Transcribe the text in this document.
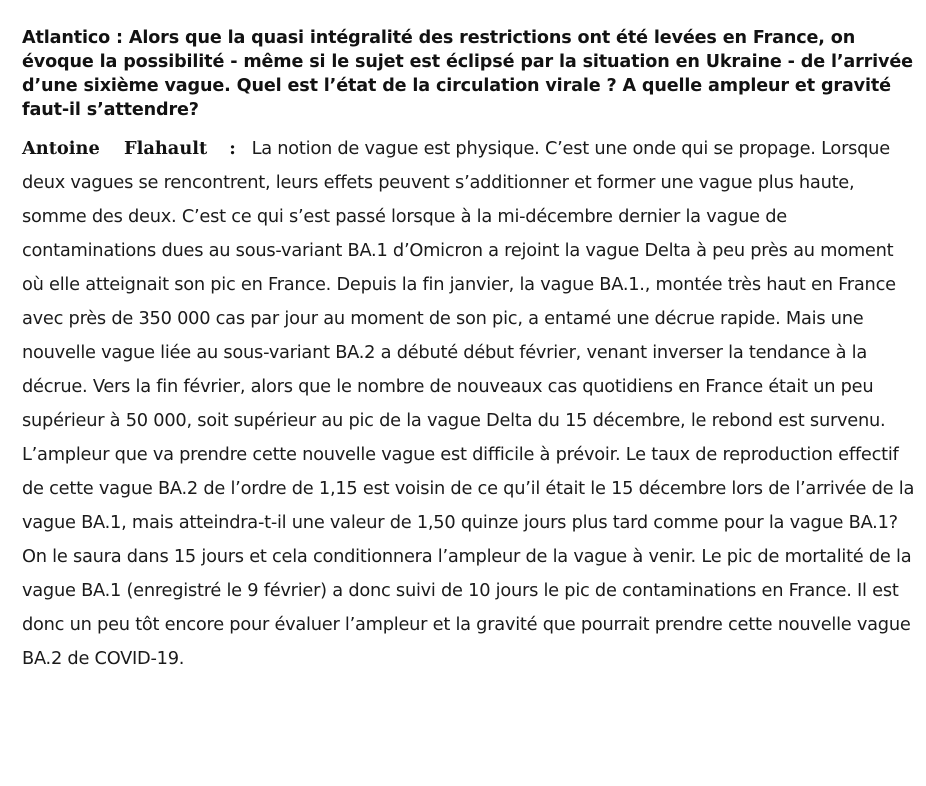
Atlantico : Alors que la quasi intégralité des restrictions ont été levées en France, on évoque la possibilité - même si le sujet est éclipsé par la situation en Ukraine - de l’arrivée d’une sixième vague. Quel est l’état de la circulation virale ? A quelle ampleur et gravité faut-il s’attendre?

Antoine Flahault : La notion de vague est physique. C’est une onde qui se propage. Lorsque deux vagues se rencontrent, leurs effets peuvent s’additionner et former une vague plus haute, somme des deux. C’est ce qui s’est passé lorsque à la mi-décembre dernier la vague de contaminations dues au sous-variant BA.1 d’Omicron a rejoint la vague Delta à peu près au moment où elle atteignait son pic en France. Depuis la fin janvier, la vague BA.1., montée très haut en France avec près de 350 000 cas par jour au moment de son pic, a entamé une décrue rapide. Mais une nouvelle vague liée au sous-variant BA.2 a débuté début février, venant inverser la tendance à la décrue. Vers la fin février, alors que le nombre de nouveaux cas quotidiens en France était un peu supérieur à 50 000, soit supérieur au pic de la vague Delta du 15 décembre, le rebond est survenu. L’ampleur que va prendre cette nouvelle vague est difficile à prévoir. Le taux de reproduction effectif de cette vague BA.2 de l’ordre de 1,15 est voisin de ce qu’il était le 15 décembre lors de l’arrivée de la vague BA.1, mais atteindra-t-il une valeur de 1,50 quinze jours plus tard comme pour la vague BA.1? On le saura dans 15 jours et cela conditionnera l’ampleur de la vague à venir. Le pic de mortalité de la vague BA.1 (enregistré le 9 février) a donc suivi de 10 jours le pic de contaminations en France. Il est donc un peu tôt encore pour évaluer l’ampleur et la gravité que pourrait prendre cette nouvelle vague BA.2 de COVID-19.
